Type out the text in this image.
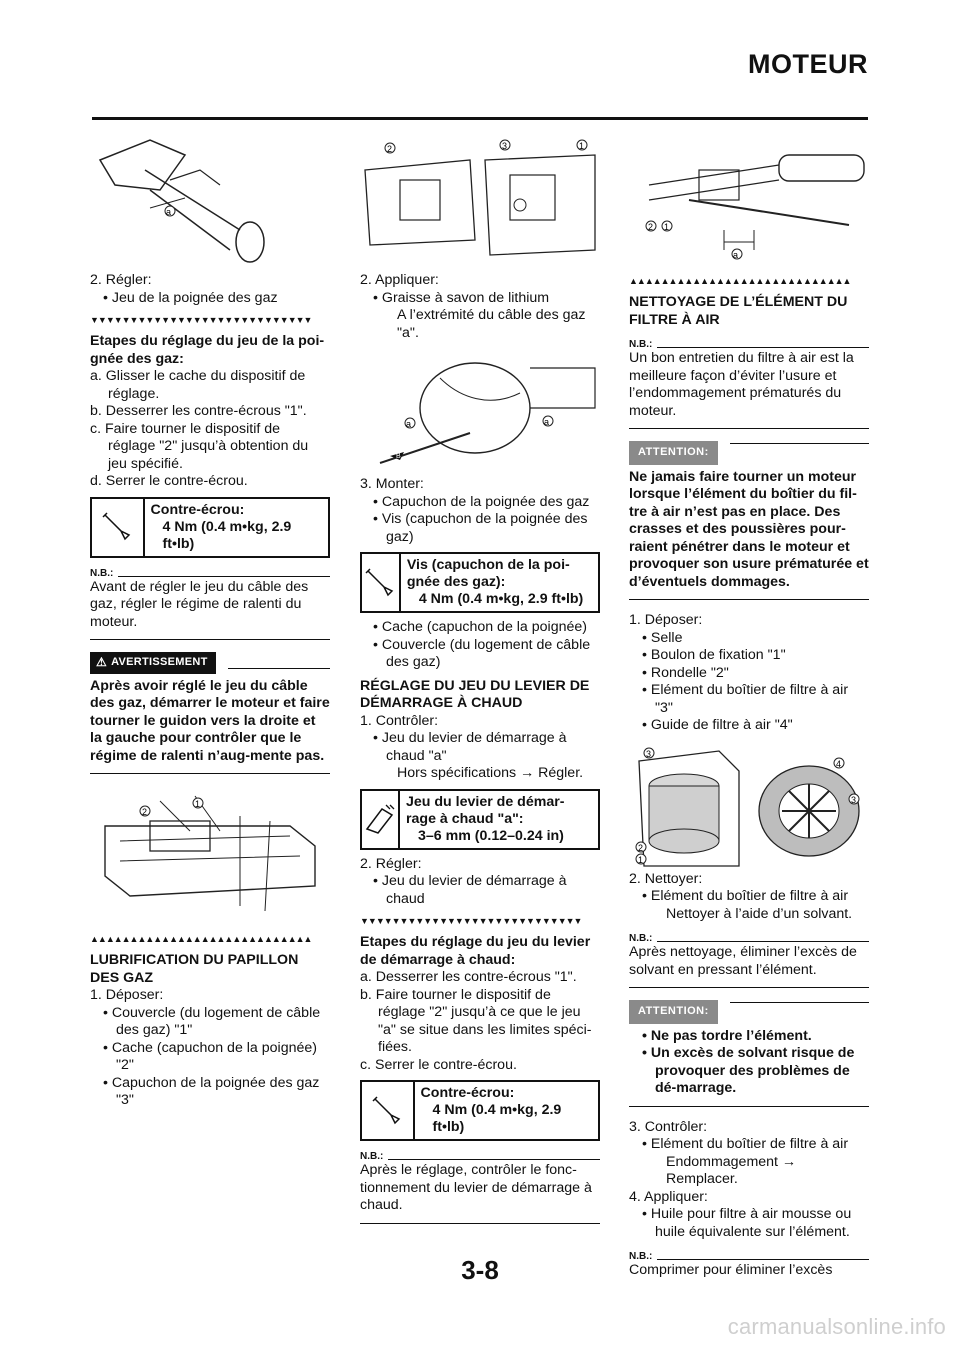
MOTEUR
a

2. Régler:

• Jeu de la poignée des gaz

▼▼▼▼▼▼▼▼▼▼▼▼▼▼▼▼▼▼▼▼▼▼▼▼▼▼▼▼

Etapes du réglage du jeu de la poi-gnée des gaz:

a. Glisser le cache du dispositif de réglage.

b. Desserrer les contre-écrous "1".

c. Faire tourner le dispositif de réglage "2" jusqu’à obtention du jeu spécifié.

d. Serrer le contre-écrou.

Contre-écrou:
4 Nm (0.4 m•kg, 2.9 ft•lb)
N.B.:

Avant de régler le jeu du câble des gaz, régler le régime de ralenti du moteur.

⚠ AVERTISSEMENT

Après avoir réglé le jeu du câble des gaz, démarrer le moteur et faire tourner le guidon vers la droite et la gauche pour contrôler que le régime de ralenti n’aug-mente pas.

2
1
▲▲▲▲▲▲▲▲▲▲▲▲▲▲▲▲▲▲▲▲▲▲▲▲▲▲▲▲

LUBRIFICATION DU PAPILLON DES GAZ

1. Déposer:

• Couvercle (du logement de câble des gaz) "1"

• Cache (capuchon de la poignée) "2"

• Capuchon de la poignée des gaz "3"

2	3	1

2. Appliquer:

• Graisse à savon de lithium

A l’extrémité du câble des gaz "a".

a	a
B

3. Monter:

• Capuchon de la poignée des gaz

• Vis (capuchon de la poignée des gaz)

Vis (capuchon de la poi-gnée des gaz):
4 Nm (0.4 m•kg, 2.9 ft•lb)

• Cache (capuchon de la poignée)

• Couvercle (du logement de câble des gaz)

RÉGLAGE DU JEU DU LEVIER DE DÉMARRAGE À CHAUD

1. Contrôler:

• Jeu du levier de démarrage à chaud "a"

Hors spécifications → Régler.

Jeu du levier de démar-rage à chaud "a":
3–6 mm (0.12–0.24 in)

2. Régler:

• Jeu du levier de démarrage à chaud

▼▼▼▼▼▼▼▼▼▼▼▼▼▼▼▼▼▼▼▼▼▼▼▼▼▼▼▼

Etapes du réglage du jeu du levier de démarrage à chaud:

a. Desserrer les contre-écrous "1".

b. Faire tourner le dispositif de réglage "2" jusqu’à ce que le jeu "a" se situe dans les limites spéci-fiées.

c. Serrer le contre-écrou.

Contre-écrou:
4 Nm (0.4 m•kg, 2.9 ft•lb)
N.B.:

Après le réglage, contrôler le fonc-tionnement du levier de démarrage à chaud.

2 1
a
▲▲▲▲▲▲▲▲▲▲▲▲▲▲▲▲▲▲▲▲▲▲▲▲▲▲▲▲

NETTOYAGE DE L’ÉLÉMENT DU FILTRE À AIR

N.B.:

Un bon entretien du filtre à air est la meilleure façon d’éviter l’usure et l’endommagement prématurés du moteur.

ATTENTION:

Ne jamais faire tourner un moteur lorsque l’élément du boîtier du fil-tre à air n’est pas en place. Des crasses et des poussières pour-raient pénétrer dans le moteur et provoquer son usure prématurée et d’éventuels dommages.

1. Déposer:

• Selle

• Boulon de fixation "1"

• Rondelle "2"

• Elément du boîtier de filtre à air "3"

• Guide de filtre à air "4"

3
4
3
2
1

2. Nettoyer:

• Elément du boîtier de filtre à air

Nettoyer à l’aide d’un solvant.

N.B.:

Après nettoyage, éliminer l’excès de solvant en pressant l’élément.

ATTENTION:

• Ne pas tordre l’élément.

• Un excès de solvant risque de provoquer des problèmes de dé-marrage.

3. Contrôler:

• Elément du boîtier de filtre à air

Endommagement → Remplacer.

4. Appliquer:

• Huile pour filtre à air mousse ou huile équivalente sur l’élément.

N.B.:

Comprimer pour éliminer l’excès

3-8
carmanualsonline.info
